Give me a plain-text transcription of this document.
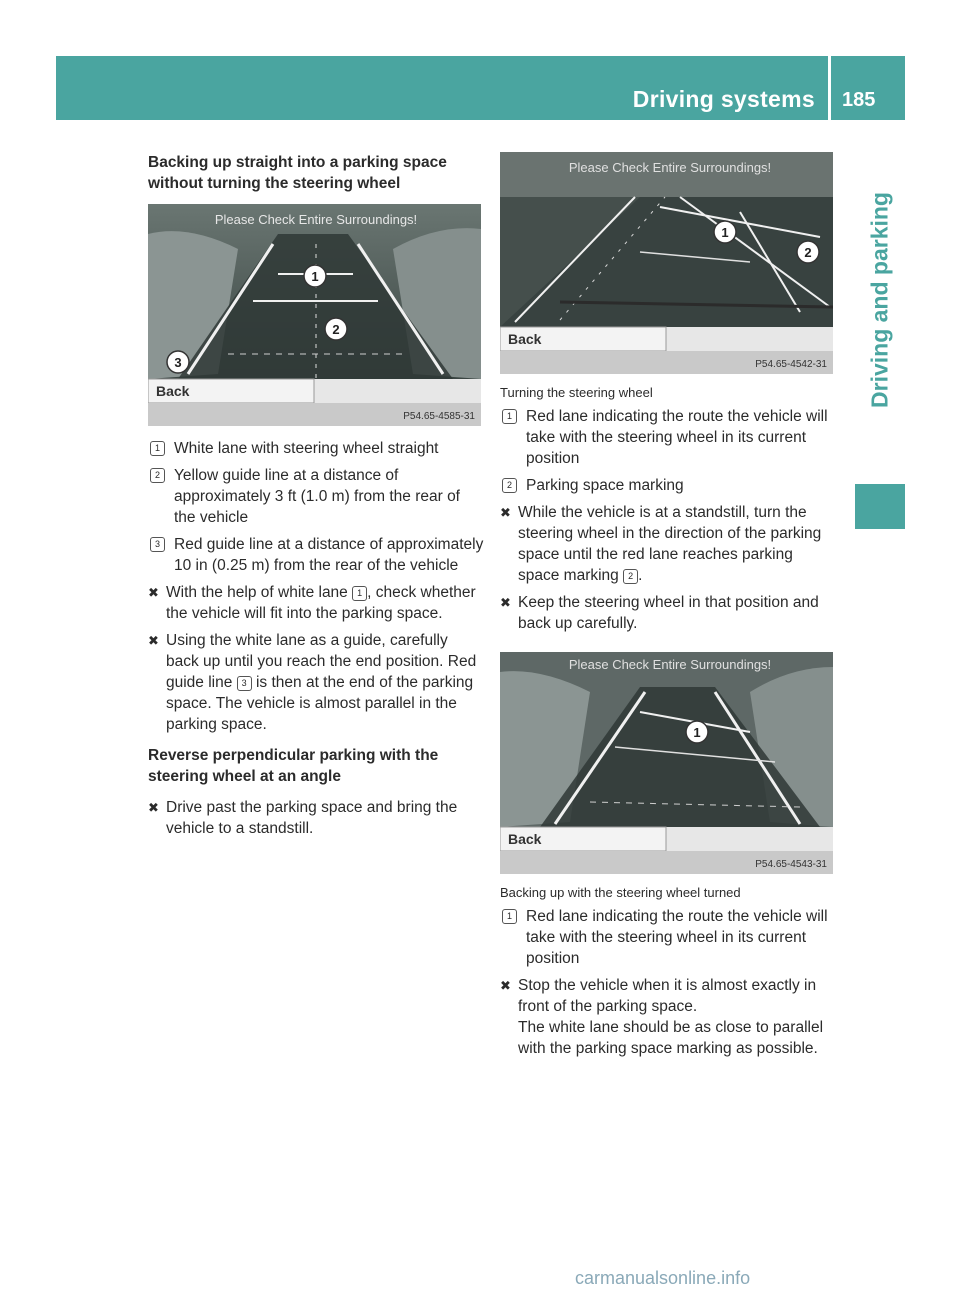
Driving systems 185
Driving and parking
Backing up straight into a parking space without turning the steering wheel
Please Check Entire Surroundings!
1
2
3
Back
P54.65-4585-31
1 White lane with steering wheel straight
2 Yellow guide line at a distance of approximately 3 ft (1.0 m) from the rear of the vehicle
3 Red guide line at a distance of approximately 10 in (0.25 m) from the rear of the vehicle
✖ With the help of white lane 1 , check whether the vehicle will fit into the parking space.
✖ Using the white lane as a guide, carefully back up until you reach the end position. Red guide line 3 is then at the end of the parking space. The vehicle is almost parallel in the parking space.
Reverse perpendicular parking with the steering wheel at an angle
✖ Drive past the parking space and bring the vehicle to a standstill.
Please Check Entire Surroundings!
1
2
Back
P54.65-4542-31

Turning the steering wheel

1 Red lane indicating the route the vehicle will take with the steering wheel in its current position
2 Parking space marking
✖ While the vehicle is at a standstill, turn the steering wheel in the direction of the parking space until the red lane reaches parking space marking 2 .
✖ Keep the steering wheel in that position and back up carefully.
Please Check Entire Surroundings!
1
Back
P54.65-4543-31

Backing up with the steering wheel turned

1 Red lane indicating the route the vehicle will take with the steering wheel in its current position
✖ Stop the vehicle when it is almost exactly in front of the parking space.
The white lane should be as close to parallel with the parking space marking as possible.
carmanualsonline.info
